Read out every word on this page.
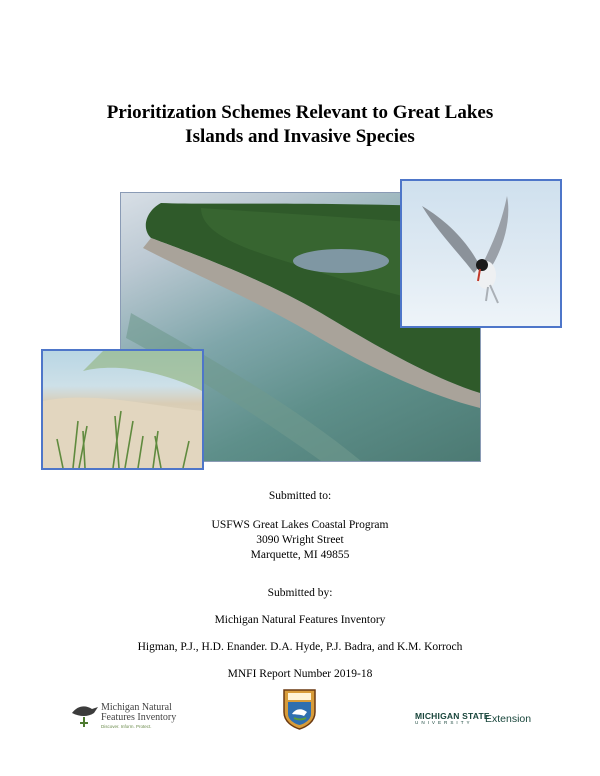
Prioritization Schemes Relevant to Great Lakes
Islands and Invasive Species
Submitted to:
USFWS Great Lakes Coastal Program
3090 Wright Street
Marquette, MI 49855
Submitted by:
Michigan Natural Features Inventory
Higman, P.J., H.D. Enander. D.A. Hyde, P.J. Badra, and K.M. Korroch
MNFI Report Number 2019-18
Michigan Natural
Features Inventory
Discover. Inform. Protect.
MICHIGAN STATE
UNIVERSITY Extension
